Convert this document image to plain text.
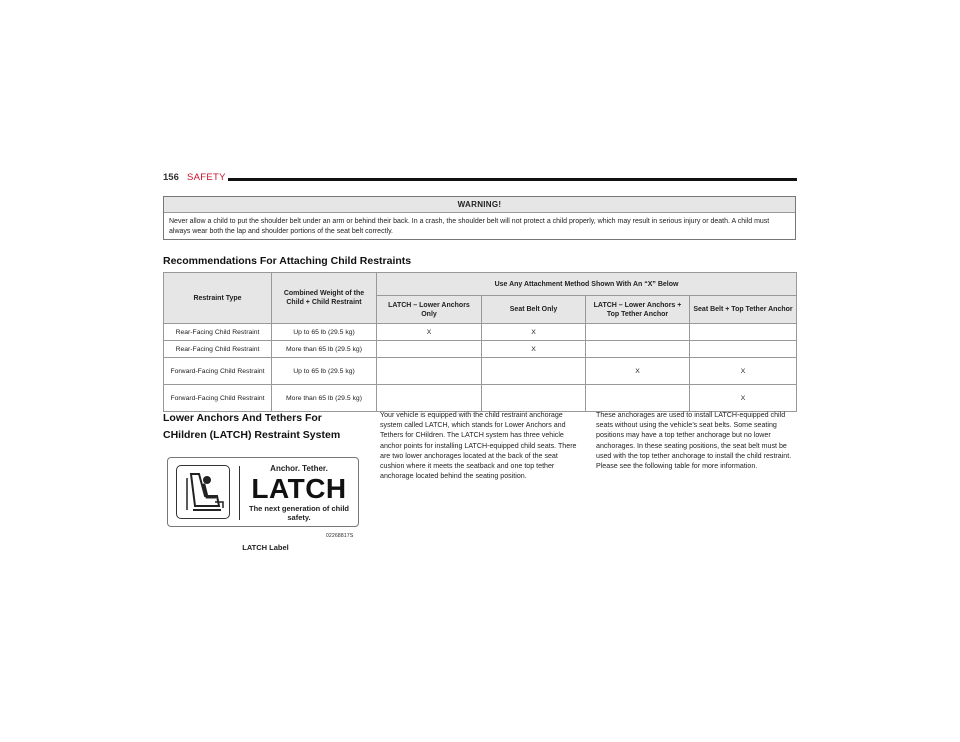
156 SAFETY
WARNING!
Never allow a child to put the shoulder belt under an arm or behind their back. In a crash, the shoulder belt will not protect a child properly, which may result in serious injury or death. A child must always wear both the lap and shoulder portions of the seat belt correctly.
Recommendations For Attaching Child Restraints
Restraint Type	Combined Weight of the Child + Child Restraint	Use Any Attachment Method Shown With An “X” Below			
		LATCH – Lower Anchors Only	Seat Belt Only	LATCH – Lower Anchors + Top Tether Anchor	Seat Belt + Top Tether Anchor
Rear-Facing Child Restraint	Up to 65 lb (29.5 kg)	X	X		
Rear-Facing Child Restraint	More than 65 lb (29.5 kg)		X		
Forward-Facing Child Restraint	Up to 65 lb (29.5 kg)			X	X
Forward-Facing Child Restraint	More than 65 lb (29.5 kg)				X
Lower Anchors And Tethers For CHildren (LATCH) Restraint System
Anchor. Tether.
LATCH
The next generation of child safety.
02268817S
LATCH Label
Your vehicle is equipped with the child restraint anchorage system called LATCH, which stands for Lower Anchors and Tethers for CHildren. The LATCH system has three vehicle anchor points for installing LATCH-equipped child seats. There are two lower anchorages located at the back of the seat cushion where it meets the seatback and one top tether anchorage located behind the seating position.
These anchorages are used to install LATCH-equipped child seats without using the vehicle’s seat belts. Some seating positions may have a top tether anchorage but no lower anchorages. In these seating positions, the seat belt must be used with the top tether anchorage to install the child restraint. Please see the following table for more information.
